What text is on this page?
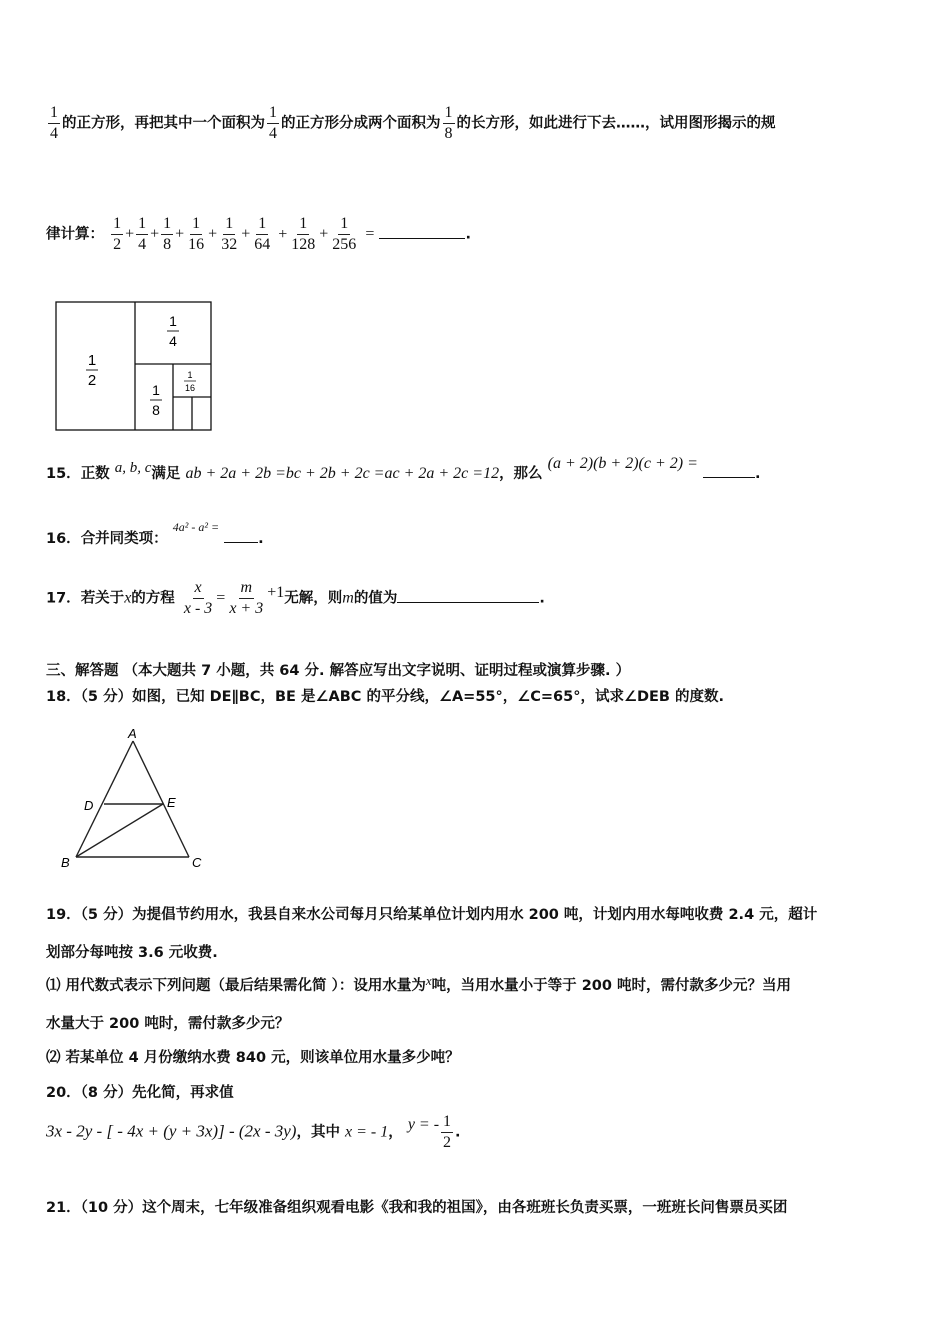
$\frac{1}{4}$ 的正方形，再把其中一个面积为 $\frac{1}{4}$ 的正方形分成两个面积为 $\frac{1}{8}$ 的长方形，如此进行下去……，试用图形揭示的规
律计算： $\frac{1}{2} + \frac{1}{4} + \frac{1}{8} + \frac{1}{16} + \frac{1}{32} + \frac{1}{64} + \frac{1}{128} + \frac{1}{256}$ =	.
1
2
1
4
1
8
1
16
15．正数 a, b, c满足 ab + 2a + 2b =bc + 2b + 2c =ac + 2a + 2c =12，那么 (a + 2)(b + 2)(c + 2) = .
16．合并同类项： $^{4a^2 - a^2 =}$ .
17．若关于x的方程 $\frac{x}{x - 3} = \frac{m}{x + 3} +1$无解，则m的值为	.
三、解答题 （本大题共 7 小题，共 64 分. 解答应写出文字说明、证明过程或演算步骤. ）
18．（5 分）如图，已知 DE∥BC，BE 是∠ABC 的平分线，∠A=55°，∠C=65°，试求∠DEB 的度数.
A
B	C
D	E
19．（5 分）为提倡节约用水，我县自来水公司每月只给某单位计划内用水 200 吨，计划内用水每吨收费 2.4 元，超计
划部分每吨按 3.6 元收费.
⑴ 用代数式表示下列问题（最后结果需化简 ）：设用水量为x吨，当用水量小于等于 200 吨时，需付款多少元？当用
水量大于 200 吨时，需付款多少元？
⑵ 若某单位 4 月份缴纳水费 840 元，则该单位用水量多少吨？
20．（8 分）先化简，再求值
3x - 2y - [ - 4x + (y + 3x)] - (2x - 3y)，其中 x = - 1， y = - $\frac{1}{2}$ .
21．（10 分）这个周末，七年级准备组织观看电影《我和我的祖国》，由各班班长负责买票，一班班长问售票员买团
